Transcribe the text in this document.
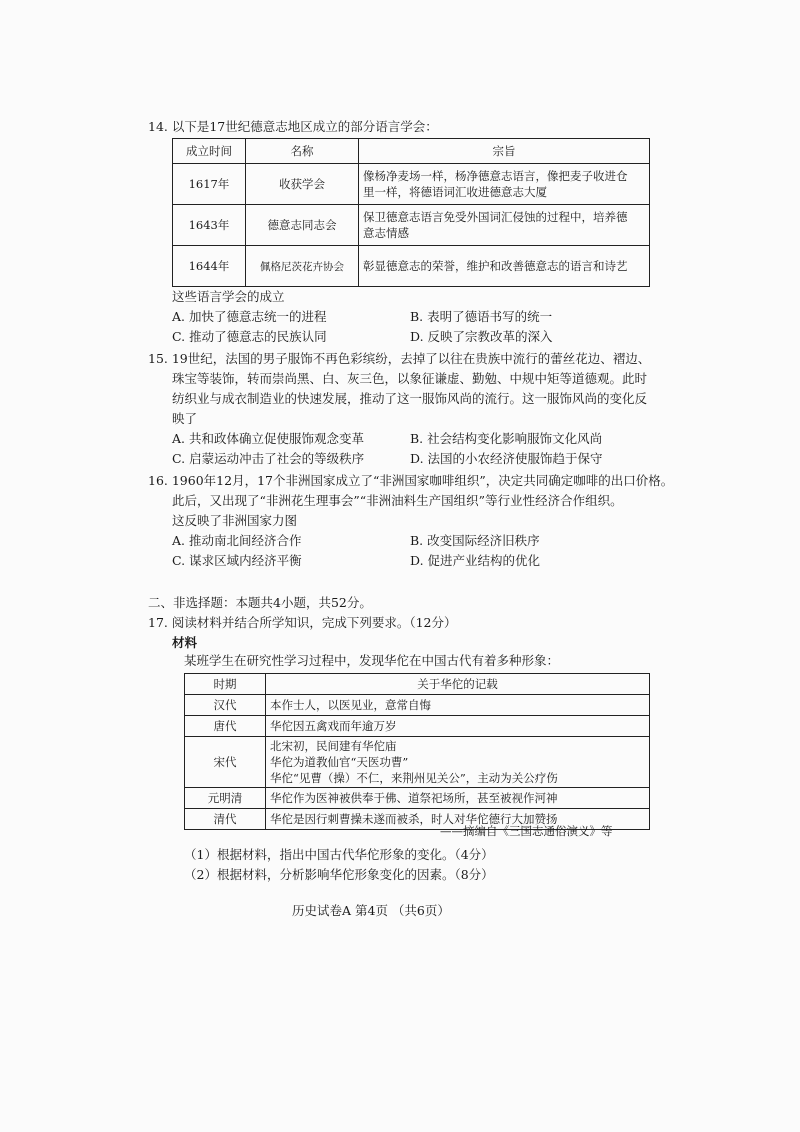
14. 以下是17世纪德意志地区成立的部分语言学会：
成立时间	名称	宗旨
1617年	收获学会	像杨净麦场一样，杨净德意志语言，像把麦子收进仓
里一样，将德语词汇收进德意志大厦

1643年	德意志同志会	保卫德意志语言免受外国词汇侵蚀的过程中，培养德
意志情感

1644年	佩格尼茨花卉协会	彰显德意志的荣誉，维护和改善德意志的语言和诗艺
这些语言学会的成立
A. 加快了德意志统一的进程	B. 表明了德语书写的统一
C. 推动了德意志的民族认同	D. 反映了宗教改革的深入
15. 19世纪，法国的男子服饰不再色彩缤纷，去掉了以往在贵族中流行的蕾丝花边、褶边、
珠宝等装饰，转而崇尚黑、白、灰三色，以象征谦虚、勤勉、中规中矩等道德观。此时
纺织业与成衣制造业的快速发展，推动了这一服饰风尚的流行。这一服饰风尚的变化反
映了
A. 共和政体确立促使服饰观念变革	B. 社会结构变化影响服饰文化风尚
C. 启蒙运动冲击了社会的等级秩序	D. 法国的小农经济使服饰趋于保守
16. 1960年12月，17个非洲国家成立了“非洲国家咖啡组织”，决定共同确定咖啡的出口价格。
此后，又出现了“非洲花生理事会”“非洲油料生产国组织”等行业性经济合作组织。
这反映了非洲国家力图
A. 推动南北间经济合作	B. 改变国际经济旧秩序
C. 谋求区域内经济平衡	D. 促进产业结构的优化
二、非选择题：本题共4小题，共52分。
17. 阅读材料并结合所学知识，完成下列要求。（12分）
材料
某班学生在研究性学习过程中，发现华佗在中国古代有着多种形象：
时期	关于华佗的记载
汉代	本作士人，以医见业，意常自悔
唐代	华佗因五禽戏而年逾万岁
宋代	北宋初，民间建有华佗庙
华佗为道教仙官“天医功曹”
华佗“见曹（操）不仁，来荆州见关公”，主动为关公疗伤

元明清	华佗作为医神被供奉于佛、道祭祀场所，甚至被视作河神
清代	华佗是因行刺曹操未遂而被杀，时人对华佗德行大加赞扬
——摘编自《三国志通俗演义》等
（1）根据材料，指出中国古代华佗形象的变化。（4分）
（2）根据材料，分析影响华佗形象变化的因素。（8分）
历史试卷A 第4页 （共6页）
